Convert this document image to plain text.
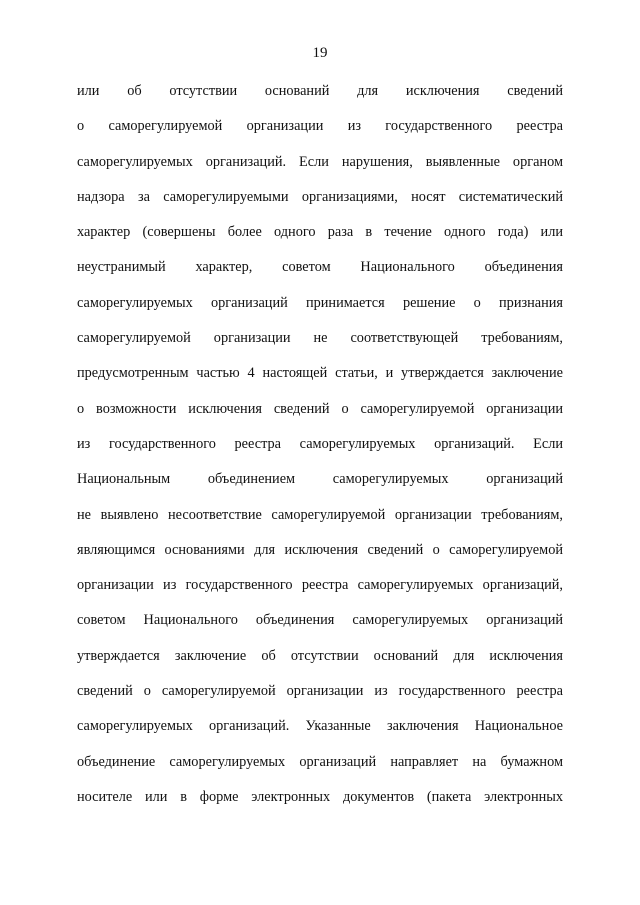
19
или об отсутствии оснований для исключения сведений
о саморегулируемой организации из государственного реестра
саморегулируемых организаций. Если нарушения, выявленные органом
надзора за саморегулируемыми организациями, носят систематический
характер (совершены более одного раза в течение одного года) или
неустранимый характер, советом Национального объединения
саморегулируемых организаций принимается решение о признания
саморегулируемой организации не соответствующей требованиям,
предусмотренным частью 4 настоящей статьи, и утверждается заключение
о возможности исключения сведений о саморегулируемой организации
из государственного реестра саморегулируемых организаций. Если
Национальным объединением саморегулируемых организаций
не выявлено несоответствие саморегулируемой организации требованиям,
являющимся основаниями для исключения сведений о саморегулируемой
организации из государственного реестра саморегулируемых организаций,
советом Национального объединения саморегулируемых организаций
утверждается заключение об отсутствии оснований для исключения
сведений о саморегулируемой организации из государственного реестра
саморегулируемых организаций. Указанные заключения Национальное
объединение саморегулируемых организаций направляет на бумажном
носителе или в форме электронных документов (пакета электронных
